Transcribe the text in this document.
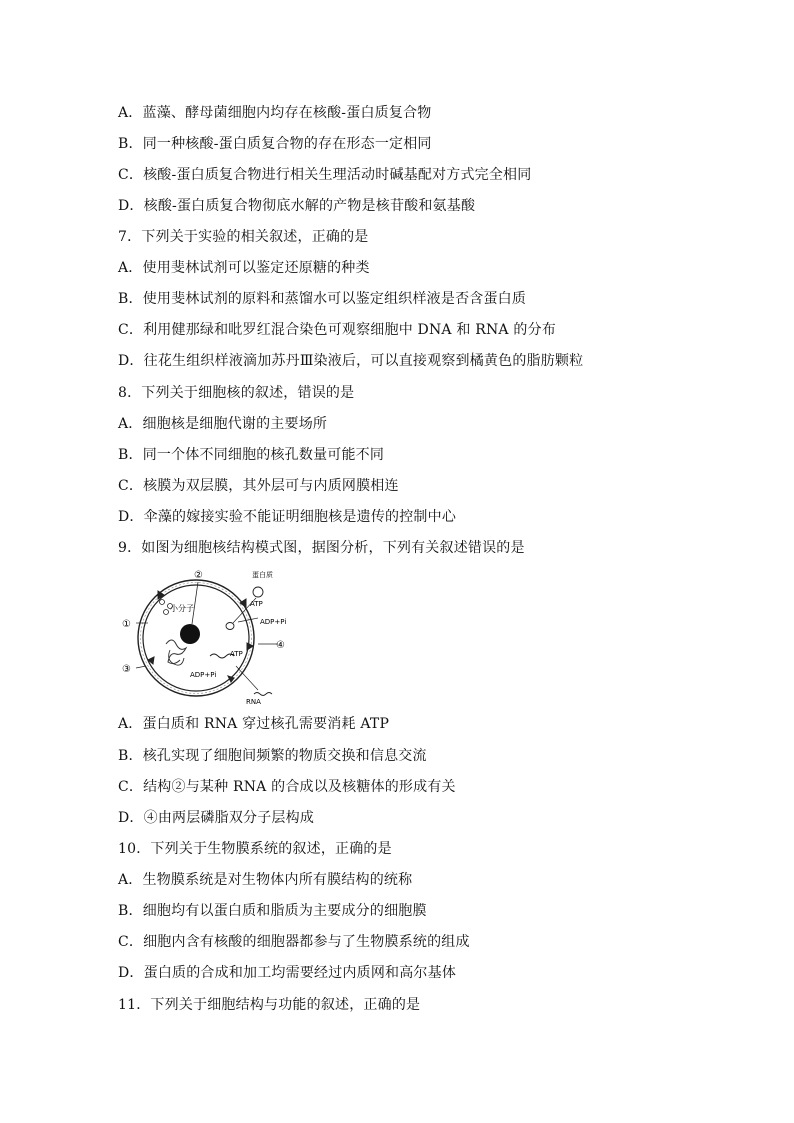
A．蓝藻、酵母菌细胞内均存在核酸-蛋白质复合物
B．同一种核酸-蛋白质复合物的存在形态一定相同
C．核酸-蛋白质复合物进行相关生理活动时碱基配对方式完全相同
D．核酸-蛋白质复合物彻底水解的产物是核苷酸和氨基酸
7．下列关于实验的相关叙述，正确的是
A．使用斐林试剂可以鉴定还原糖的种类
B．使用斐林试剂的原料和蒸馏水可以鉴定组织样液是否含蛋白质
C．利用健那绿和吡罗红混合染色可观察细胞中 DNA 和 RNA 的分布
D．往花生组织样液滴加苏丹Ⅲ染液后，可以直接观察到橘黄色的脂肪颗粒
8．下列关于细胞核的叙述，错误的是
A．细胞核是细胞代谢的主要场所
B．同一个体不同细胞的核孔数量可能不同
C．核膜为双层膜，其外层可与内质网膜相连
D．伞藻的嫁接实验不能证明细胞核是遗传的控制中心
9．如图为细胞核结构模式图，据图分析，下列有关叙述错误的是
②
①
③
④
蛋白质
小分子	ATP
ADP+Pi
ATP
ADP+Pi
RNA
A．蛋白质和 RNA 穿过核孔需要消耗 ATP
B．核孔实现了细胞间频繁的物质交换和信息交流
C．结构②与某种 RNA 的合成以及核糖体的形成有关
D．④由两层磷脂双分子层构成
10．下列关于生物膜系统的叙述，正确的是
A．生物膜系统是对生物体内所有膜结构的统称
B．细胞均有以蛋白质和脂质为主要成分的细胞膜
C．细胞内含有核酸的细胞器都参与了生物膜系统的组成
D．蛋白质的合成和加工均需要经过内质网和高尔基体
11．下列关于细胞结构与功能的叙述，正确的是
